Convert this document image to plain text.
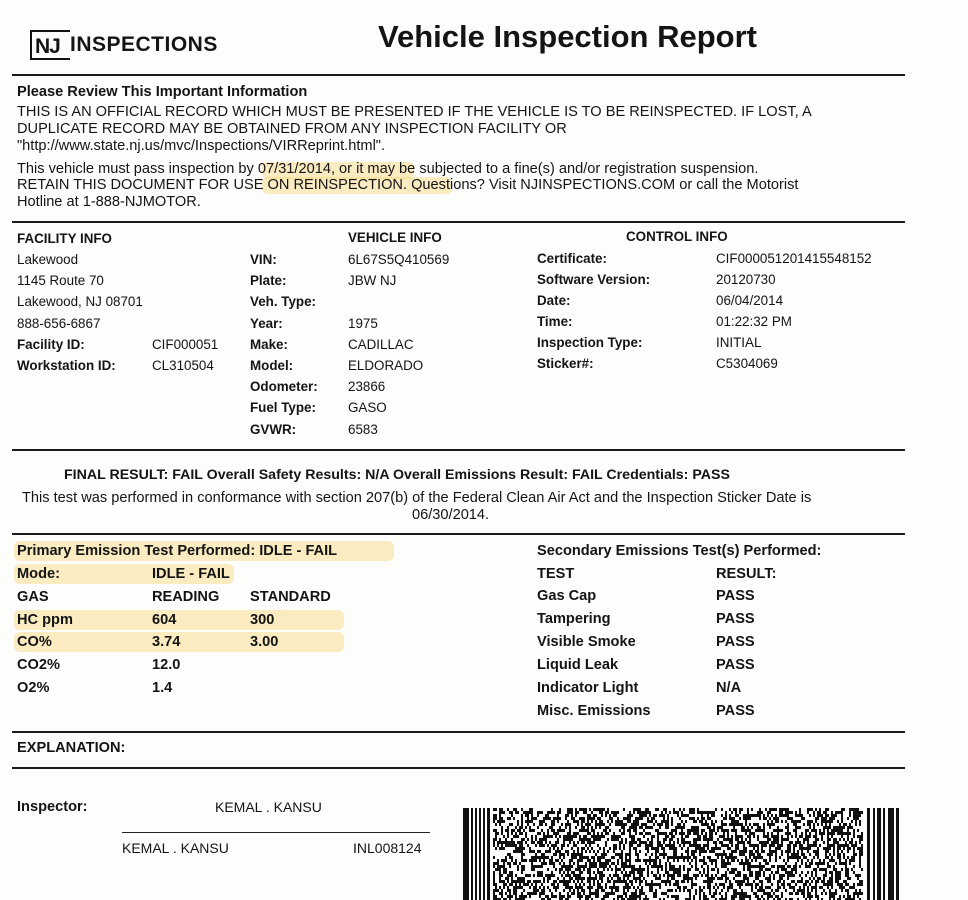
NJ INSPECTIONS	Vehicle Inspection Report
Please Review This Important Information
THIS IS AN OFFICIAL RECORD WHICH MUST BE PRESENTED IF THE VEHICLE IS TO BE REINSPECTED. IF LOST, A
DUPLICATE RECORD MAY BE OBTAINED FROM ANY INSPECTION FACILITY OR
"http://www.state.nj.us/mvc/Inspections/VIRReprint.html".
This vehicle must pass inspection by 07/31/2014, or it may be subjected to a fine(s) and/or registration suspension.
RETAIN THIS DOCUMENT FOR USE ON REINSPECTION. Questions? Visit NJINSPECTIONS.COM or call the Motorist
Hotline at 1-888-NJMOTOR.
FACILITY INFO
Lakewood
1145 Route 70
Lakewood, NJ 08701
888-656-6867
Facility ID:	CIF000051
Workstation ID:	CL310504
VEHICLE INFO
VIN:	6L67S5Q410569
Plate:	JBW NJ
Veh. Type:
Year:	1975
Make:	CADILLAC
Model:	ELDORADO
Odometer: 23866
Fuel Type: GASO
GVWR:	6583
CONTROL INFO
Certificate:	CIF000051201415548152
Software Version:	20120730
Date:	06/04/2014
Time:	01:22:32 PM
Inspection Type:	INITIAL
Sticker#:	C5304069
FINAL RESULT: FAIL Overall Safety Results: N/A Overall Emissions Result: FAIL Credentials: PASS
This test was performed in conformance with section 207(b) of the Federal Clean Air Act and the Inspection Sticker Date is
06/30/2014.
Primary Emission Test Performed: IDLE - FAIL
Mode:	IDLE - FAIL
GAS	READING STANDARD
HC ppm	604	300
CO%	3.74	3.00
CO2%	12.0
O2%	1.4
Secondary Emissions Test(s) Performed:
TEST	RESULT:
Gas Cap	PASS
Tampering	PASS
Visible Smoke	PASS
Liquid Leak	PASS
Indicator Light	N/A
Misc. Emissions	PASS
EXPLANATION:
Inspector:	KEMAL . KANSU
KEMAL . KANSU	INL008124
